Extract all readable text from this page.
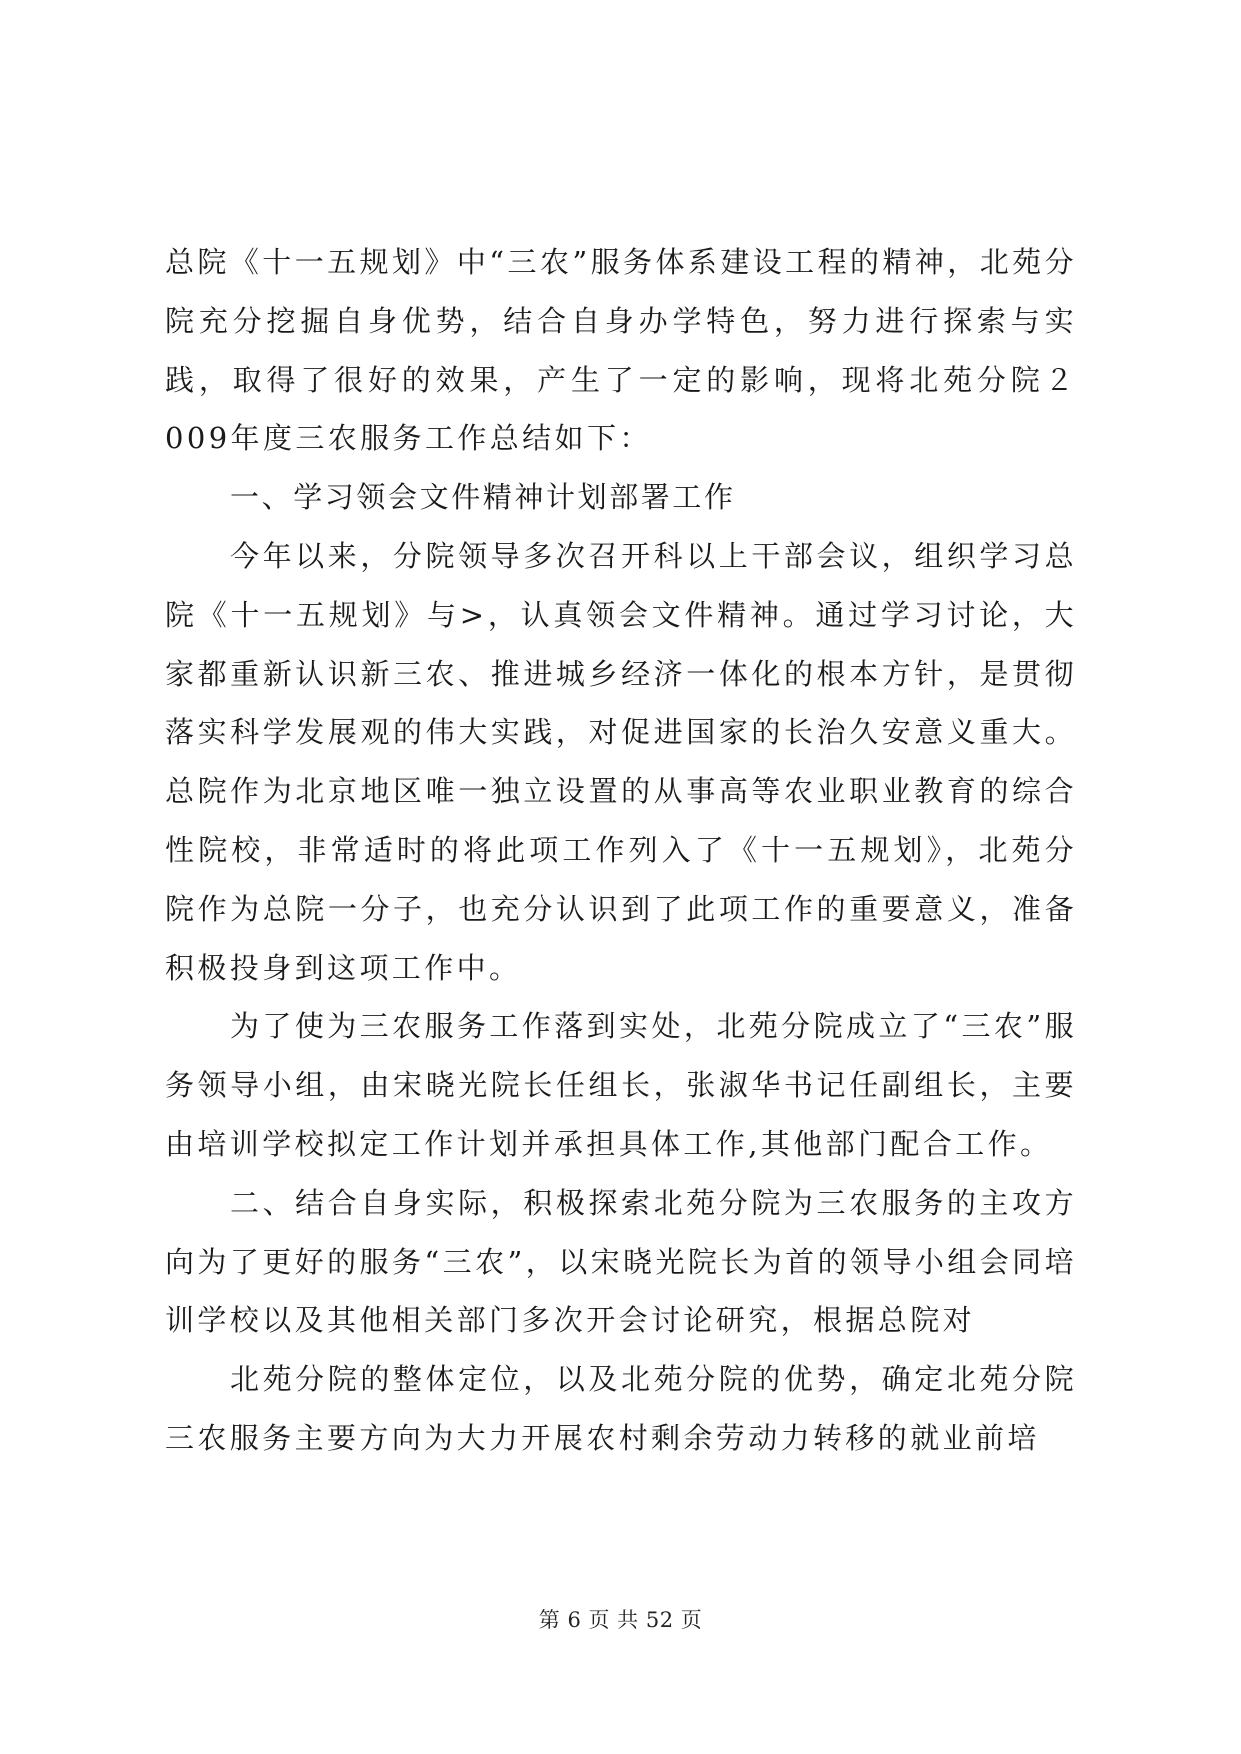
总院《十一五规划》中“三农”服务体系建设工程的精神，北苑分院充分挖掘自身优势，结合自身办学特色，努力进行探索与实践，取得了很好的效果，产生了一定的影响，现将北苑分院２009年度三农服务工作总结如下：

一、学习领会文件精神计划部署工作

今年以来，分院领导多次召开科以上干部会议，组织学习总院《十一五规划》与>，认真领会文件精神。通过学习讨论，大家都重新认识新三农、推进城乡经济一体化的根本方针，是贯彻落实科学发展观的伟大实践，对促进国家的长治久安意义重大。总院作为北京地区唯一独立设置的从事高等农业职业教育的综合性院校，非常适时的将此项工作列入了《十一五规划》，北苑分院作为总院一分子，也充分认识到了此项工作的重要意义，准备积极投身到这项工作中。

为了使为三农服务工作落到实处，北苑分院成立了“三农”服务领导小组，由宋晓光院长任组长，张淑华书记任副组长，主要由培训学校拟定工作计划并承担具体工作,其他部门配合工作。

二、结合自身实际，积极探索北苑分院为三农服务的主攻方向为了更好的服务“三农”，以宋晓光院长为首的领导小组会同培训学校以及其他相关部门多次开会讨论研究，根据总院对

北苑分院的整体定位，以及北苑分院的优势，确定北苑分院三农服务主要方向为大力开展农村剩余劳动力转移的就业前培

第 6 页 共 52 页
